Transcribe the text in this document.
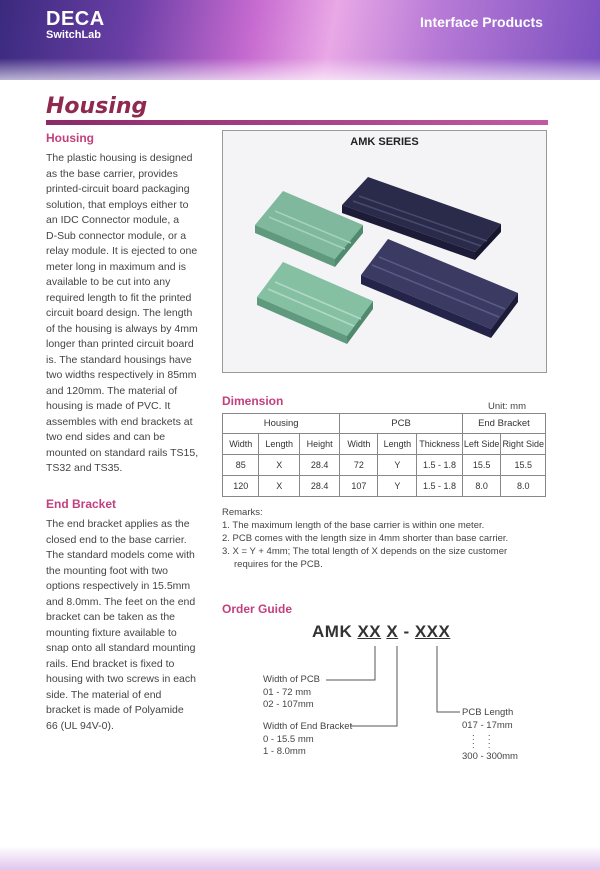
DECA
SwitchLab
Interface Products
Housing
Housing
The plastic housing is designed
as the base carrier, provides
printed-circuit board packaging
solution, that employs either to
an IDC Connector module, a
D-Sub connector module, or a
relay module. It is ejected to one
meter long in maximum and is
available to be cut into any
required length to fit the printed
circuit board design. The length
of the housing is always by 4mm
longer than printed circuit board
is. The standard housings have
two widths respectively in 85mm
and 120mm. The material of
housing is made of PVC. It
assembles with end brackets at
two end sides and can be
mounted on standard rails TS15,
TS32 and TS35.
End Bracket
The end bracket applies as the
closed end to the base carrier.
The standard models come with
the mounting foot with two
options respectively in 15.5mm
and 8.0mm. The feet on the end
bracket can be taken as the
mounting fixture available to
snap onto all standard mounting
rails. End bracket is fixed to
housing with two screws in each
side. The material of end
bracket is made of Polyamide
66 (UL 94V-0).
AMK SERIES
Dimension	Unit: mm
Housing			PCB			End Bracket	
Width	Length	Height	Width	Length	Thickness	Left Side	Right Side
85	X	28.4	72	Y	1.5 - 1.8	15.5	15.5
120	X	28.4	107	Y	1.5 - 1.8	8.0	8.0
Remarks:
1. The maximum length of the base carrier is within one meter.
2. PCB comes with the length size in 4mm shorter than base carrier.
3. X = Y + 4mm; The total length of X depends on the size customer
requires for the PCB.
Order Guide
AMK XX X - XXX
Width of PCB
01 - 72 mm
02 - 107mm
Width of End Bracket
0 - 15.5 mm
1 - 8.0mm
PCB Length
017 - 17mm
:     :
:     :
300 - 300mm
